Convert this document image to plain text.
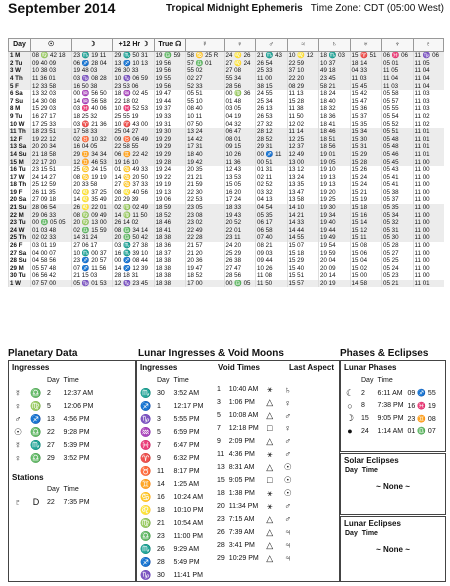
September 2014	Tropical Midnight Ephemeris Time Zone: CDT (05:00 West)
Day	☉	☽	+12 Hr ☽	True ☊	☿	♀	♂	♃	♄	♅	♆	♇
1 M	08 ♍ 42 18	23 ♏ 19 11	29 ♏ 50 31	19 ♎ 59	58 ♋ 25 R	24 ♌ 26	21 ♏ 43	10 ♌ 12	18 ♏ 03	15 ♈ 51	06 ♓ 06	11 ♑ 06
2 Tu	09 40 09	06 ♐ 28 04	13 ♐ 10 13	19 56	57 ♎ 01	27 ♌ 24	26 54	22 59	10 37	18 14	05 01	11 05
3 W	10 38 03	19 48 03	26 30 33	19 56	55 02	27 08	25 33	37 10	49 18	04 33	11 05	11 04
4 Th	11 36 01	03 ♑ 08 28	10 ♑ 06 59	19 55	02 27	55 34	11 00	22 20	23 45	11 03	11 04	11 04
5 F	12 33 58	16 50 38	23 53 06	19 56	52 33	28 56	38 15	08 29	58 21	15 45	11 03	11 04
6 Sa	13 32 03	00 ♒ 56 50	18 ♒ 02 45	19 47	05 51	00 ♍ 36	24 55	11 13	18 24	15 42	05 58	11 03
7 Su	14 30 08	14 ♒ 56 58	22 18 02	19 44	55 10	01 48	25 34	15 28	18 40	15 47	05 57	11 03
8 M	15 29 03	03 ♓ 40 06	10 ♓ 52 53	19 37	08 40	03 05	26 13	11 38	18 32	15 36	05 55	11 03
9 Tu	16 27 17	18 25 32	25 55 19	19 33	10 11	04 19	26 53	11 50	18 36	15 37	05 54	11 02
10 W	17 25 33	03 ♈ 21 36	10 ♈ 43 00	19 31	07 50	04 32	27 32	12 02	18 41	15 35	05 52	11 02
11 Th	18 23 51	17 58 33	25 04 27	19 30	13 24	06 47	28 12	11 14	18 46	15 34	05 51	11 01
12 F	19 22 12	02 ♉ 10 32	09 ♉ 06 49	19 29	14 42	08 01	28 52	12 25	18 51	15 30	05 48	11 01
13 Sa	20 20 34	16 04 05	22 58 55	19 29	17 31	09 15	29 31	12 37	18 56	15 31	05 48	11 01
14 Su	21 18 58	29 ♊ 34 34	06 ♊ 22 42	19 29	18 40	10 26	00 ♐ 11	12 49	19 01	15 29	05 46	11 01
15 M	22 17 20	12 ♊ 46 53	19 16 10	19 28	19 42	11 36	00 51	13 00	19 05	15 28	05 45	11 00
16 Tu	23 15 51	25 ♋ 24 15	01 ♋ 49 33	19 24	20 35	12 43	01 31	13 12	19 10	15 26	05 43	11 00
17 W	24 14 27	08 ♋ 19 19	14 ♋ 20 50	19 22	21 21	13 53	02 11	13 24	19 13	15 24	05 41	11 00
18 Th	25 12 59	20 33 58	27 ♋ 37 33	19 19	21 59	15 05	02 52	13 35	19 13	15 24	05 41	11 00
19 F	26 11 35	02 ♌ 37 25	08 ♌ 40 56	19 13	22 30	16 20	03 32	13 47	19 20	15 21	05 38	11 00
20 Sa	27 09 18	14 ♌ 35 49	20 29 39	19 06	22 53	17 24	04 13	13 58	19 25	15 19	05 37	11 00
21 Su	28 06 54	26 ♌ 22 01	02 ♍ 02 49	18 59	23 05	18 33	04 54	14 10	19 30	15 18	05 35	11 00
22 M	29 06 33	08 ♍ 09 49	14 ♍ 11 50	18 52	23 08	19 43	05 35	14 21	19 34	15 16	05 34	11 00
23 Tu	00 ♎ 05 05	20 ♍ 13 00	26 14 02	18 46	23 02	20 52	06 17	14 33	19 40	15 14	05 32	11 00
24 W	01 03 48	02 ♎ 15 59	08 ♎ 34 14	18 41	22 49	22 01	06 58	14 44	19 44	15 12	05 31	11 00
25 Th	02 02 33	14 31 24	20 ♎ 50 42	18 38	22 28	23 11	07 40	14 55	19 49	15 11	05 30	11 00
26 F	03 01 19	27 06 17	03 ♏ 27 38	18 36	21 57	24 20	08 21	15 07	19 54	15 08	05 28	11 00
27 Sa	04 00 07	10 ♏ 00 37	16 ♏ 39 10	18 37	21 20	25 29	09 03	15 18	19 59	15 06	05 27	11 00
28 Su	04 58 56	23 ♐ 20 57	00 ♐ 08 44	18 38	20 36	26 38	09 44	15 29	20 04	15 04	05 25	11 00
29 M	05 57 48	07 ♐ 11 56	14 ♐ 12 39	18 38	19 47	27 47	10 26	15 40	20 09	15 02	05 24	11 00
30 Tu	06 56 42	21 15 03	28 18 31	18 38	18 52	28 56	11 08	15 51	20 14	15 00	05 23	11 00
1 W	07 57 00	05 ♑ 01 53	12 ♑ 23 45	18 38	17 00	00 ♎ 05	11 50	15 57	20 19	14 58	05 21	11 01
Planetary Data	Lunar Ingresses & Void Moons	Phases & Eclipses
Ingresses
		Day	Time
☿	♎	2	12:37 AM
♀	♍	5	12:06 PM
♂	♐	13	4:56 PM
☉	♎	22	9:28 PM
☿	♏	27	5:39 PM
♀	♎	29	3:52 PM
Stations
		Day	Time
♇	D	22	7:35 PM
Ingresses
	Day	Time
♏	30	3:52 AM
♐	1	12:17 PM
♑	3	5:55 PM
♒	5	6:59 PM
♓	7	6:47 PM
♈	9	6:32 PM
♉	11	8:17 PM
♊	14	1:25 AM
♋	16	10:24 AM
♌	18	10:10 PM
♍	21	10:54 AM
♎	23	11:00 PM
♏	26	9:29 AM
♐	28	5:49 PM
♑	30	11:41 PM
Void Times	Last Aspect
1	10:40 AM	⚹	♄
3	1:06 PM	△	♀
5	10:08 AM	△	♂
7	12:18 PM	□	♀
9	2:09 PM	△	♂
11	4:36 PM	⚹	♂
13	8:31 AM	△	☉
15	9:05 PM	□	☉
18	1:38 PM	⚹	☉
20	11:34 PM	⚹	♂
23	7:15 AM	△	♂
26	7:39 AM	△	♃
28	3:41 PM	△	♃
29	10:29 PM	△	♃
Lunar Phases
	Day	Time		
☾	2	6:11 AM	09 ♐ 55	
○	8	7:38 PM	16 ♓ 19	
☽	15	9:05 PM	23 ♊ 08	
●	24	1:14 AM	01 ♎ 07	
Solar Eclipses
Day Time
~ None ~
Lunar Eclipses
Day Time
~ None ~
